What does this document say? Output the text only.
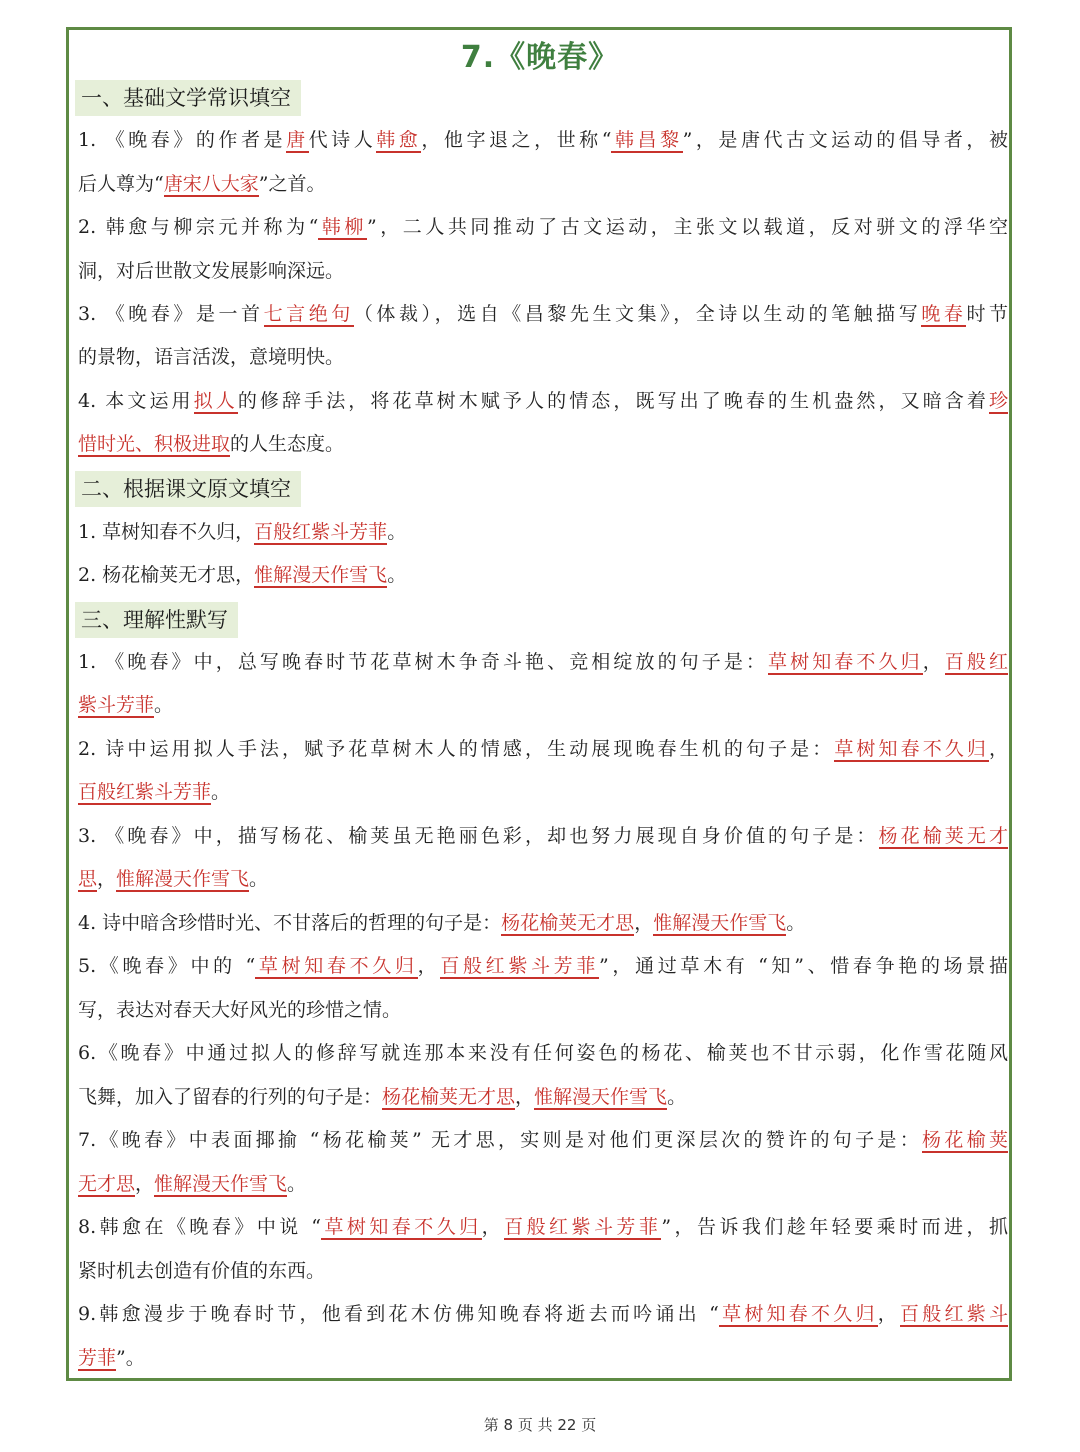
7.《晚春》
一、基础文学常识填空
1. 《晚春》的作者是唐代诗人韩愈，他字退之，世称“韩昌黎”，是唐代古文运动的倡导者，被
后人尊为“唐宋八大家”之首。
2. 韩愈与柳宗元并称为“韩柳”，二人共同推动了古文运动，主张文以载道，反对骈文的浮华空
洞，对后世散文发展影响深远。
3. 《晚春》是一首七言绝句（体裁），选自《昌黎先生文集》，全诗以生动的笔触描写晚春时节
的景物，语言活泼，意境明快。
4. 本文运用拟人的修辞手法，将花草树木赋予人的情态，既写出了晚春的生机盎然，又暗含着珍
惜时光、积极进取的人生态度。
二、根据课文原文填空
1. 草树知春不久归，百般红紫斗芳菲。
2. 杨花榆荚无才思，惟解漫天作雪飞。
三、理解性默写
1. 《晚春》中，总写晚春时节花草树木争奇斗艳、竞相绽放的句子是：草树知春不久归，百般红
紫斗芳菲。
2. 诗中运用拟人手法，赋予花草树木人的情感，生动展现晚春生机的句子是：草树知春不久归，
百般红紫斗芳菲。
3. 《晚春》中，描写杨花、榆荚虽无艳丽色彩，却也努力展现自身价值的句子是：杨花榆荚无才
思，惟解漫天作雪飞。
4. 诗中暗含珍惜时光、不甘落后的哲理的句子是：杨花榆荚无才思，惟解漫天作雪飞。
5.《晚春》中的 “草树知春不久归，百般红紫斗芳菲”，通过草木有 “知”、惜春争艳的场景描
写，表达对春天大好风光的珍惜之情。
6.《晚春》中通过拟人的修辞写就连那本来没有任何姿色的杨花、榆荚也不甘示弱，化作雪花随风
飞舞，加入了留春的行列的句子是：杨花榆荚无才思，惟解漫天作雪飞。
7.《晚春》中表面揶揄 “杨花榆荚” 无才思，实则是对他们更深层次的赞许的句子是：杨花榆荚
无才思，惟解漫天作雪飞。
8.韩愈在《晚春》中说 “草树知春不久归，百般红紫斗芳菲”，告诉我们趁年轻要乘时而进，抓
紧时机去创造有价值的东西。
9.韩愈漫步于晚春时节，他看到花木仿佛知晚春将逝去而吟诵出 “草树知春不久归，百般红紫斗
芳菲”。
第 8 页 共 22 页
